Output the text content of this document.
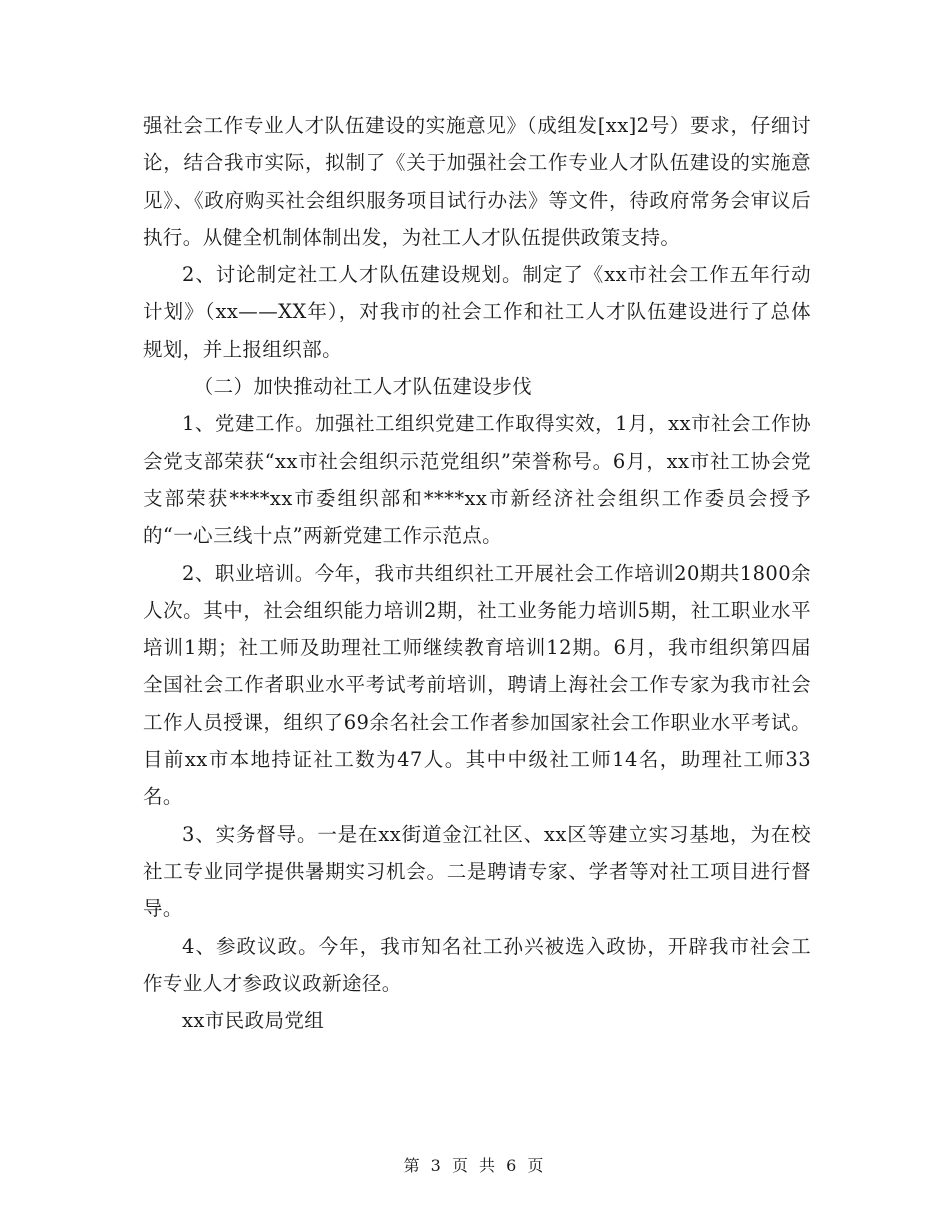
强社会工作专业人才队伍建设的实施意见》（成组发[xx]2号）要求，仔细讨论，结合我市实际，拟制了《关于加强社会工作专业人才队伍建设的实施意见》、《政府购买社会组织服务项目试行办法》等文件，待政府常务会审议后执行。从健全机制体制出发，为社工人才队伍提供政策支持。

2、讨论制定社工人才队伍建设规划。制定了《xx市社会工作五年行动计划》（xx——XX年），对我市的社会工作和社工人才队伍建设进行了总体规划，并上报组织部。

（二）加快推动社工人才队伍建设步伐

1、党建工作。加强社工组织党建工作取得实效，1月，xx市社会工作协会党支部荣获“xx市社会组织示范党组织”荣誉称号。6月，xx市社工协会党支部荣获****xx市委组织部和****xx市新经济社会组织工作委员会授予的“一心三线十点”两新党建工作示范点。

2、职业培训。今年，我市共组织社工开展社会工作培训20期共1800余人次。其中，社会组织能力培训2期，社工业务能力培训5期，社工职业水平培训1期；社工师及助理社工师继续教育培训12期。6月，我市组织第四届全国社会工作者职业水平考试考前培训，聘请上海社会工作专家为我市社会工作人员授课，组织了69余名社会工作者参加国家社会工作职业水平考试。目前xx市本地持证社工数为47人。其中中级社工师14名，助理社工师33名。

3、实务督导。一是在xx街道金江社区、xx区等建立实习基地，为在校社工专业同学提供暑期实习机会。二是聘请专家、学者等对社工项目进行督导。

4、参政议政。今年，我市知名社工孙兴被选入政协，开辟我市社会工作专业人才参政议政新途径。

xx市民政局党组

第 3 页 共 6 页
